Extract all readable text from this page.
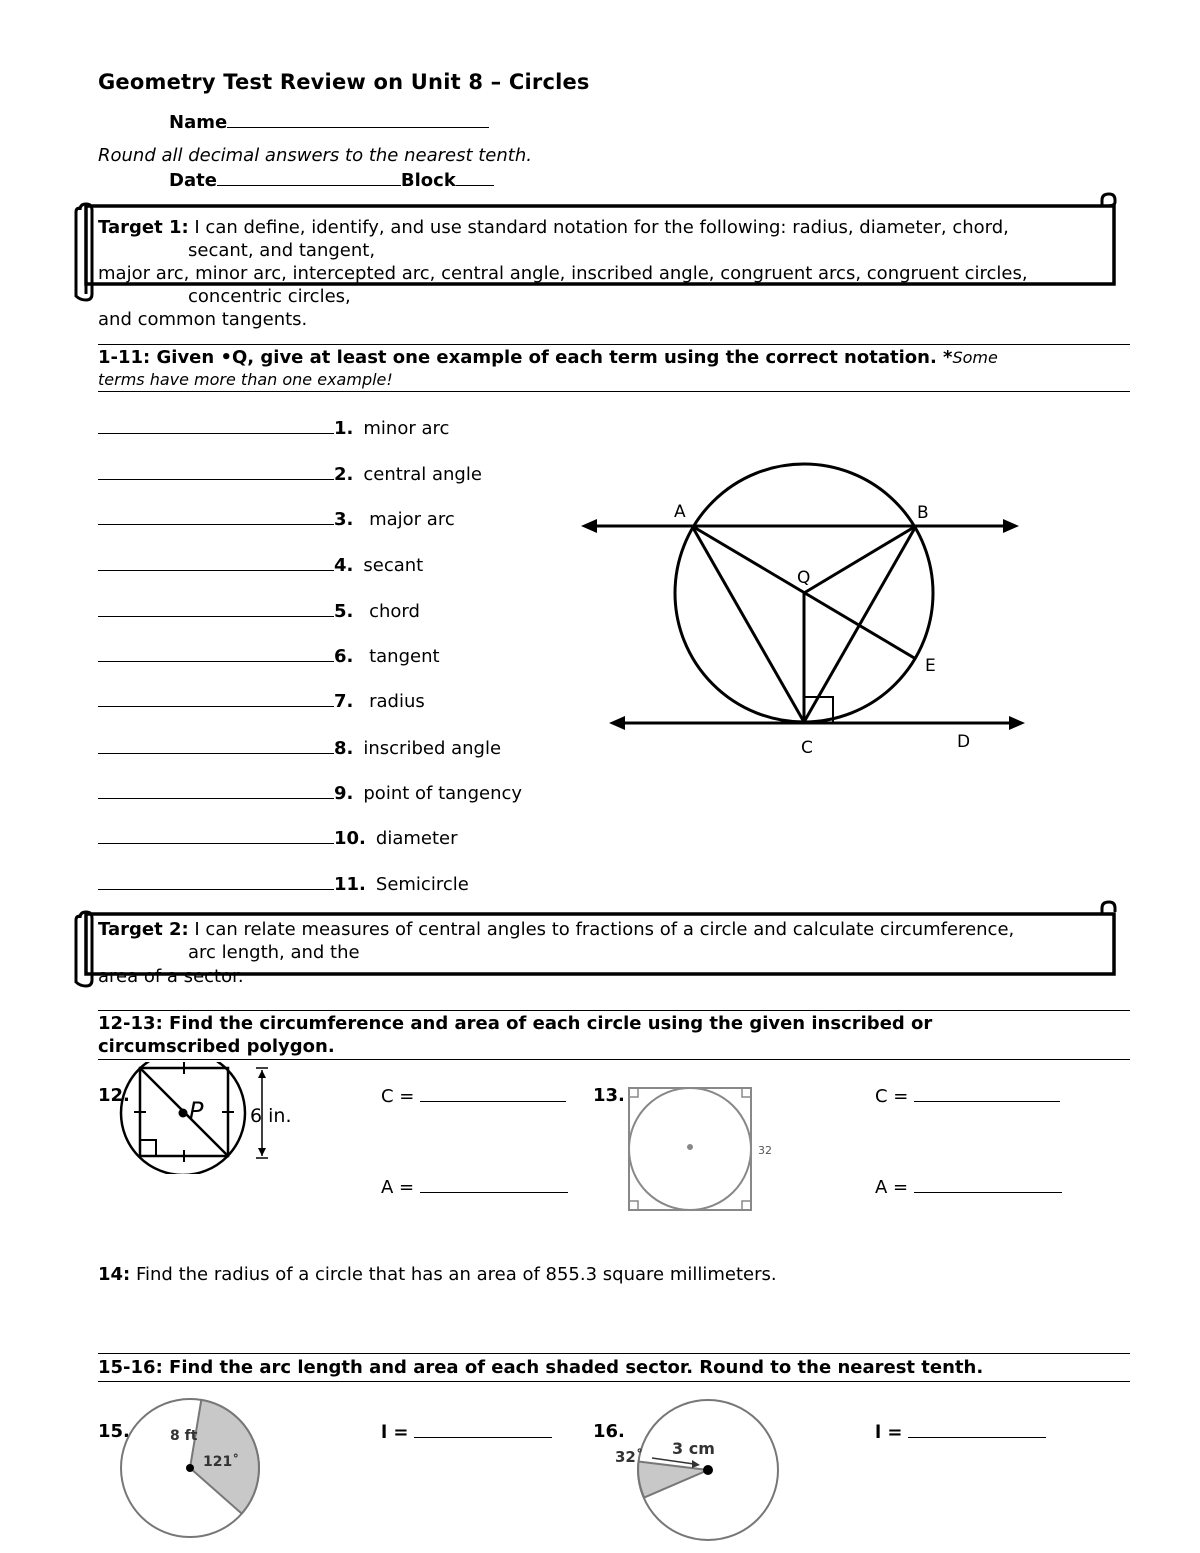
Geometry Test Review on Unit 8 – Circles
Name
Round all decimal answers to the nearest tenth.
Date	Block
Target 1: I can define, identify, and use standard notation for the following: radius, diameter, chord,
secant, and tangent,
major arc, minor arc, intercepted arc, central angle, inscribed angle, congruent arcs, congruent circles,
concentric circles,
and common tangents.
1-11: Given •Q, give at least one example of each term using the correct notation. *Some
terms have more than one example!
1. minor arc
2. central angle
3. major arc
4. secant
5. chord
6. tangent
7. radius
8. inscribed angle
9. point of tangency
10. diameter
11. Semicircle
A	B
Q
E
C	D
Target 2: I can relate measures of central angles to fractions of a circle and calculate circumference,
arc length, and the
area of a sector.
12-13: Find the circumference and area of each circle using the given inscribed or
circumscribed polygon.
12.
P 6 in.
C =
A =
13.
32
C =
A =
14: Find the radius of a circle that has an area of 855.3 square millimeters.
15-16: Find the arc length and area of each shaded sector. Round to the nearest tenth.
15.	8 ft
121˚
l =	16.
3 cm
32˚
l =
